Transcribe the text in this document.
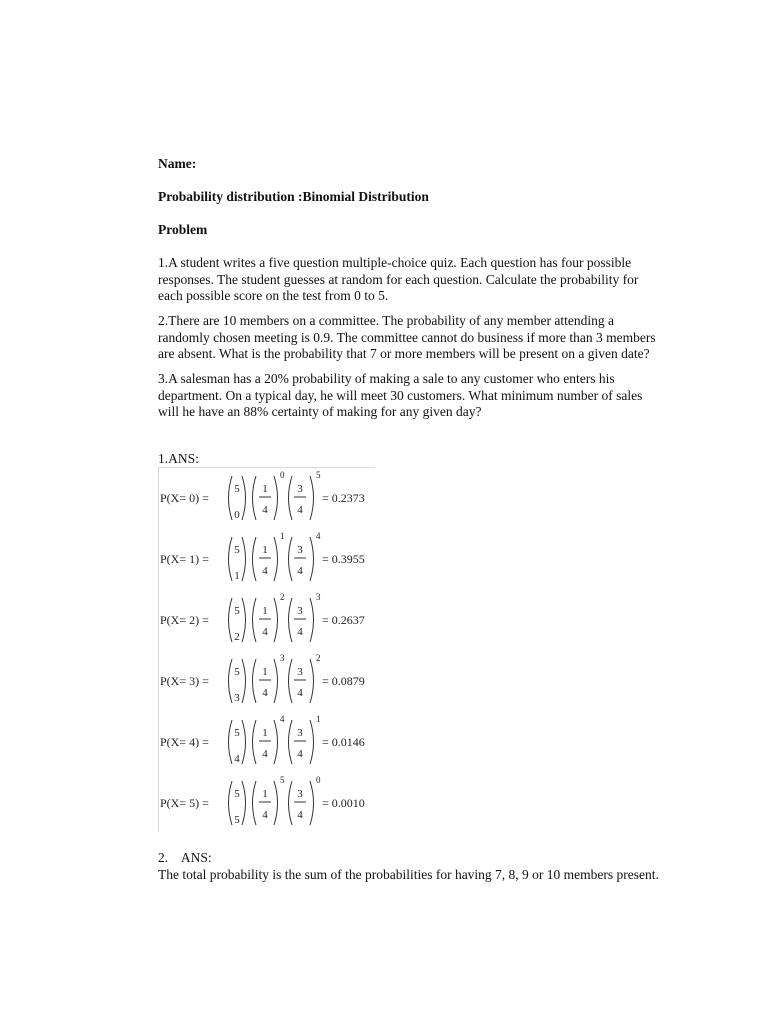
Name:
Probability distribution :Binomial Distribution
Problem

1.A student writes a five question multiple-choice quiz. Each question has four possible
responses. The student guesses at random for each question. Calculate the probability for
each possible score on the test from 0 to 5.

2.There are 10 members on a committee. The probability of any member attending a
randomly chosen meeting is 0.9. The committee cannot do business if more than 3 members
are absent. What is the probability that 7 or more members will be present on a given date?

3.A salesman has a 20% probability of making a sale to any customer who enters his
department. On a typical day, he will meet 30 customers. What minimum number of sales
will he have an 88% certainty of making for any given day?

1.ANS:
2.    ANS:
The total probability is the sum of the probabilities for having 7, 8, 9 or 10 members present.
P(X= 0) =
5
0
1
4
0
3
4
5
= 0.2373
P(X= 1) =
5
1
1
4
1
3
4
4
= 0.3955
P(X= 2) =
5
2
1
4
2
3
4
3
= 0.2637
P(X= 3) =
5
3
1
4
3
3
4
2
= 0.0879
P(X= 4) =
5
4
1
4
4
3
4
1
= 0.0146
P(X= 5) =
5
5
1
4
5
3
4
0
= 0.0010
